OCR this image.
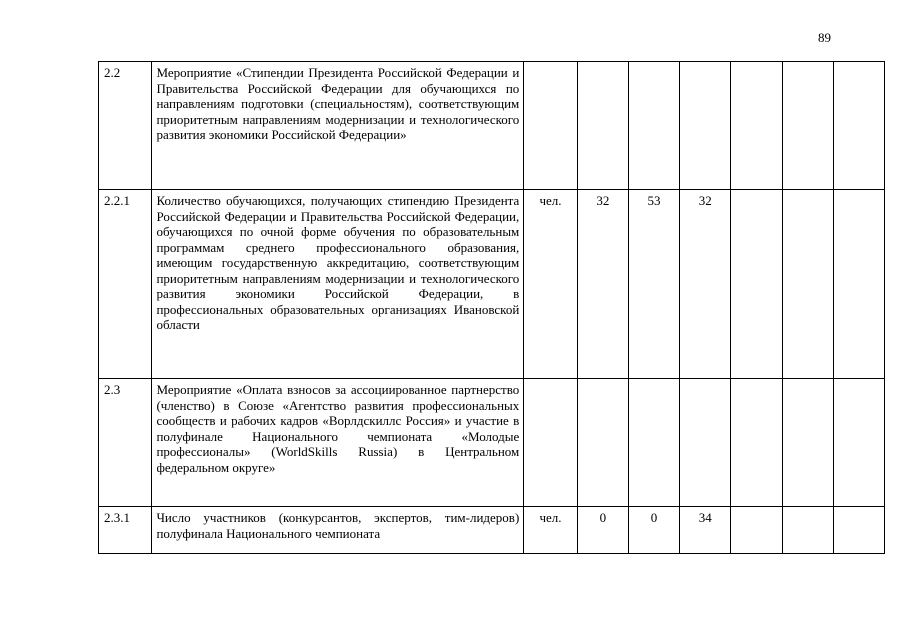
89
2.2	Мероприятие «Стипендии Президента Российской Федерации и Правительства Российской Федерации для обучающихся по направлениям подготовки (специальностям), соответствующим приоритетным направлениям модернизации и технологического развития экономики Российской Федерации»							
2.2.1	Количество обучающихся, получающих стипендию Президента Российской Федерации и Правительства Российской Федерации, обучающихся по очной форме обучения по образовательным программам среднего профессионального образования, имеющим государственную аккредитацию, соответствующим приоритетным направлениям модернизации и технологического развития экономики Российской Федерации, в профессиональных образовательных организациях Ивановской области	чел.	32	53	32			
2.3	Мероприятие «Оплата взносов за ассоциированное партнерство (членство) в Союзе «Агентство развития профессиональных сообществ и рабочих кадров «Ворлдскиллс Россия» и участие в полуфинале Национального чемпионата «Молодые профессионалы» (WorldSkills Russia) в Центральном федеральном округе»							
2.3.1	Число участников (конкурсантов, экспертов, тим-лидеров) полуфинала Национального чемпионата	чел.	0	0	34			
